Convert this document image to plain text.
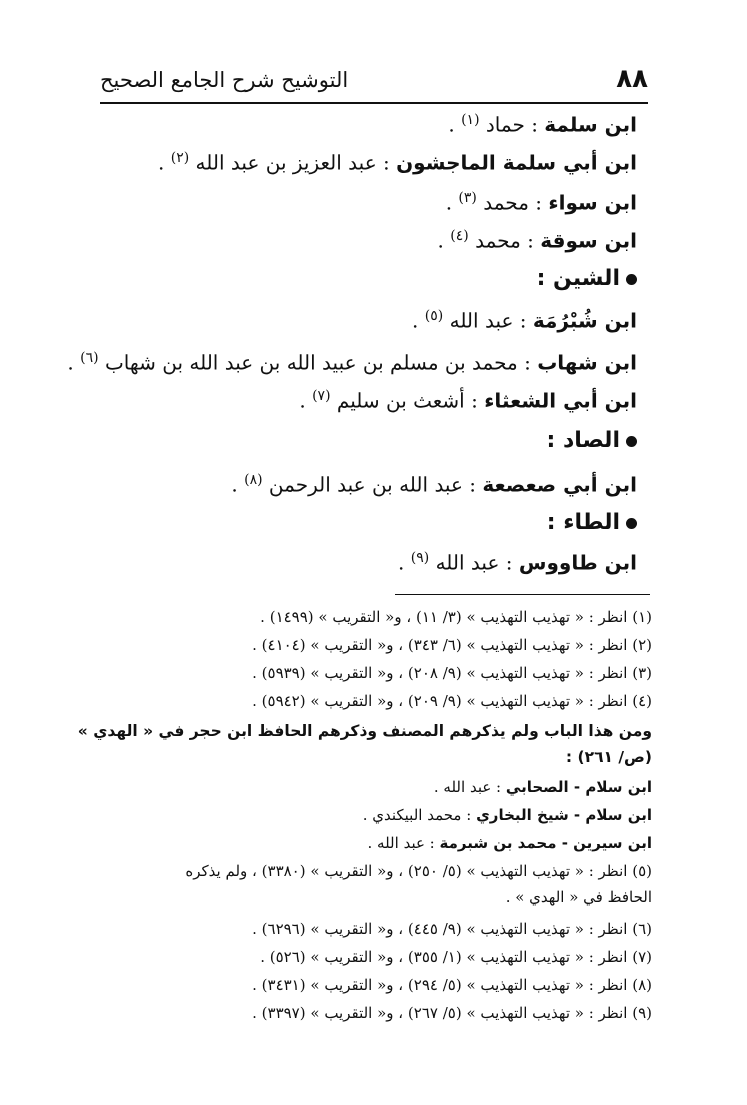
٨٨
التوشيح شرح الجامع الصحيح
ابن سلمة : حماد $^{(١)}$ .
ابن أبي سلمة الماجشون : عبد العزيز بن عبد الله $^{(٢)}$ .
ابن سواء : محمد $^{(٣)}$ .
ابن سوقة : محمد $^{(٤)}$ .
الشين :
ابن شُبْرُمَة : عبد الله $^{(٥)}$ .
ابن شهاب : محمد بن مسلم بن عبيد الله بن عبد الله بن شهاب $^{(٦)}$ .
ابن أبي الشعثاء : أشعث بن سليم $^{(٧)}$ .
الصاد :
ابن أبي صعصعة : عبد الله بن عبد الرحمن $^{(٨)}$ .
الطاء :
ابن طاووس : عبد الله $^{(٩)}$ .
(١) انظر : « تهذيب التهذيب » (٣/ ١١) ، و« التقريب » (١٤٩٩) .
(٢) انظر : « تهذيب التهذيب » (٦/ ٣٤٣) ، و« التقريب » (٤١٠٤) .
(٣) انظر : « تهذيب التهذيب » (٩/ ٢٠٨) ، و« التقريب » (٥٩٣٩) .
(٤) انظر : « تهذيب التهذيب » (٩/ ٢٠٩) ، و« التقريب » (٥٩٤٢) .
ومن هذا الباب ولم يذكرهم المصنف وذكرهم الحافظ ابن حجر في « الهدي »
(ص/ ٢٦١) :
ابن سلام - الصحابي : عبد الله .
ابن سلام - شيخ البخاري : محمد البيكندي .
ابن سيرين - محمد بن شبرمة : عبد الله .
(٥) انظر : « تهذيب التهذيب » (٥/ ٢٥٠) ، و« التقريب » (٣٣٨٠) ، ولم يذكره
الحافظ في « الهدي » .
(٦) انظر : « تهذيب التهذيب » (٩/ ٤٤٥) ، و« التقريب » (٦٢٩٦) .
(٧) انظر : « تهذيب التهذيب » (١/ ٣٥٥) ، و« التقريب » (٥٢٦) .
(٨) انظر : « تهذيب التهذيب » (٥/ ٢٩٤) ، و« التقريب » (٣٤٣١) .
(٩) انظر : « تهذيب التهذيب » (٥/ ٢٦٧) ، و« التقريب » (٣٣٩٧) .
